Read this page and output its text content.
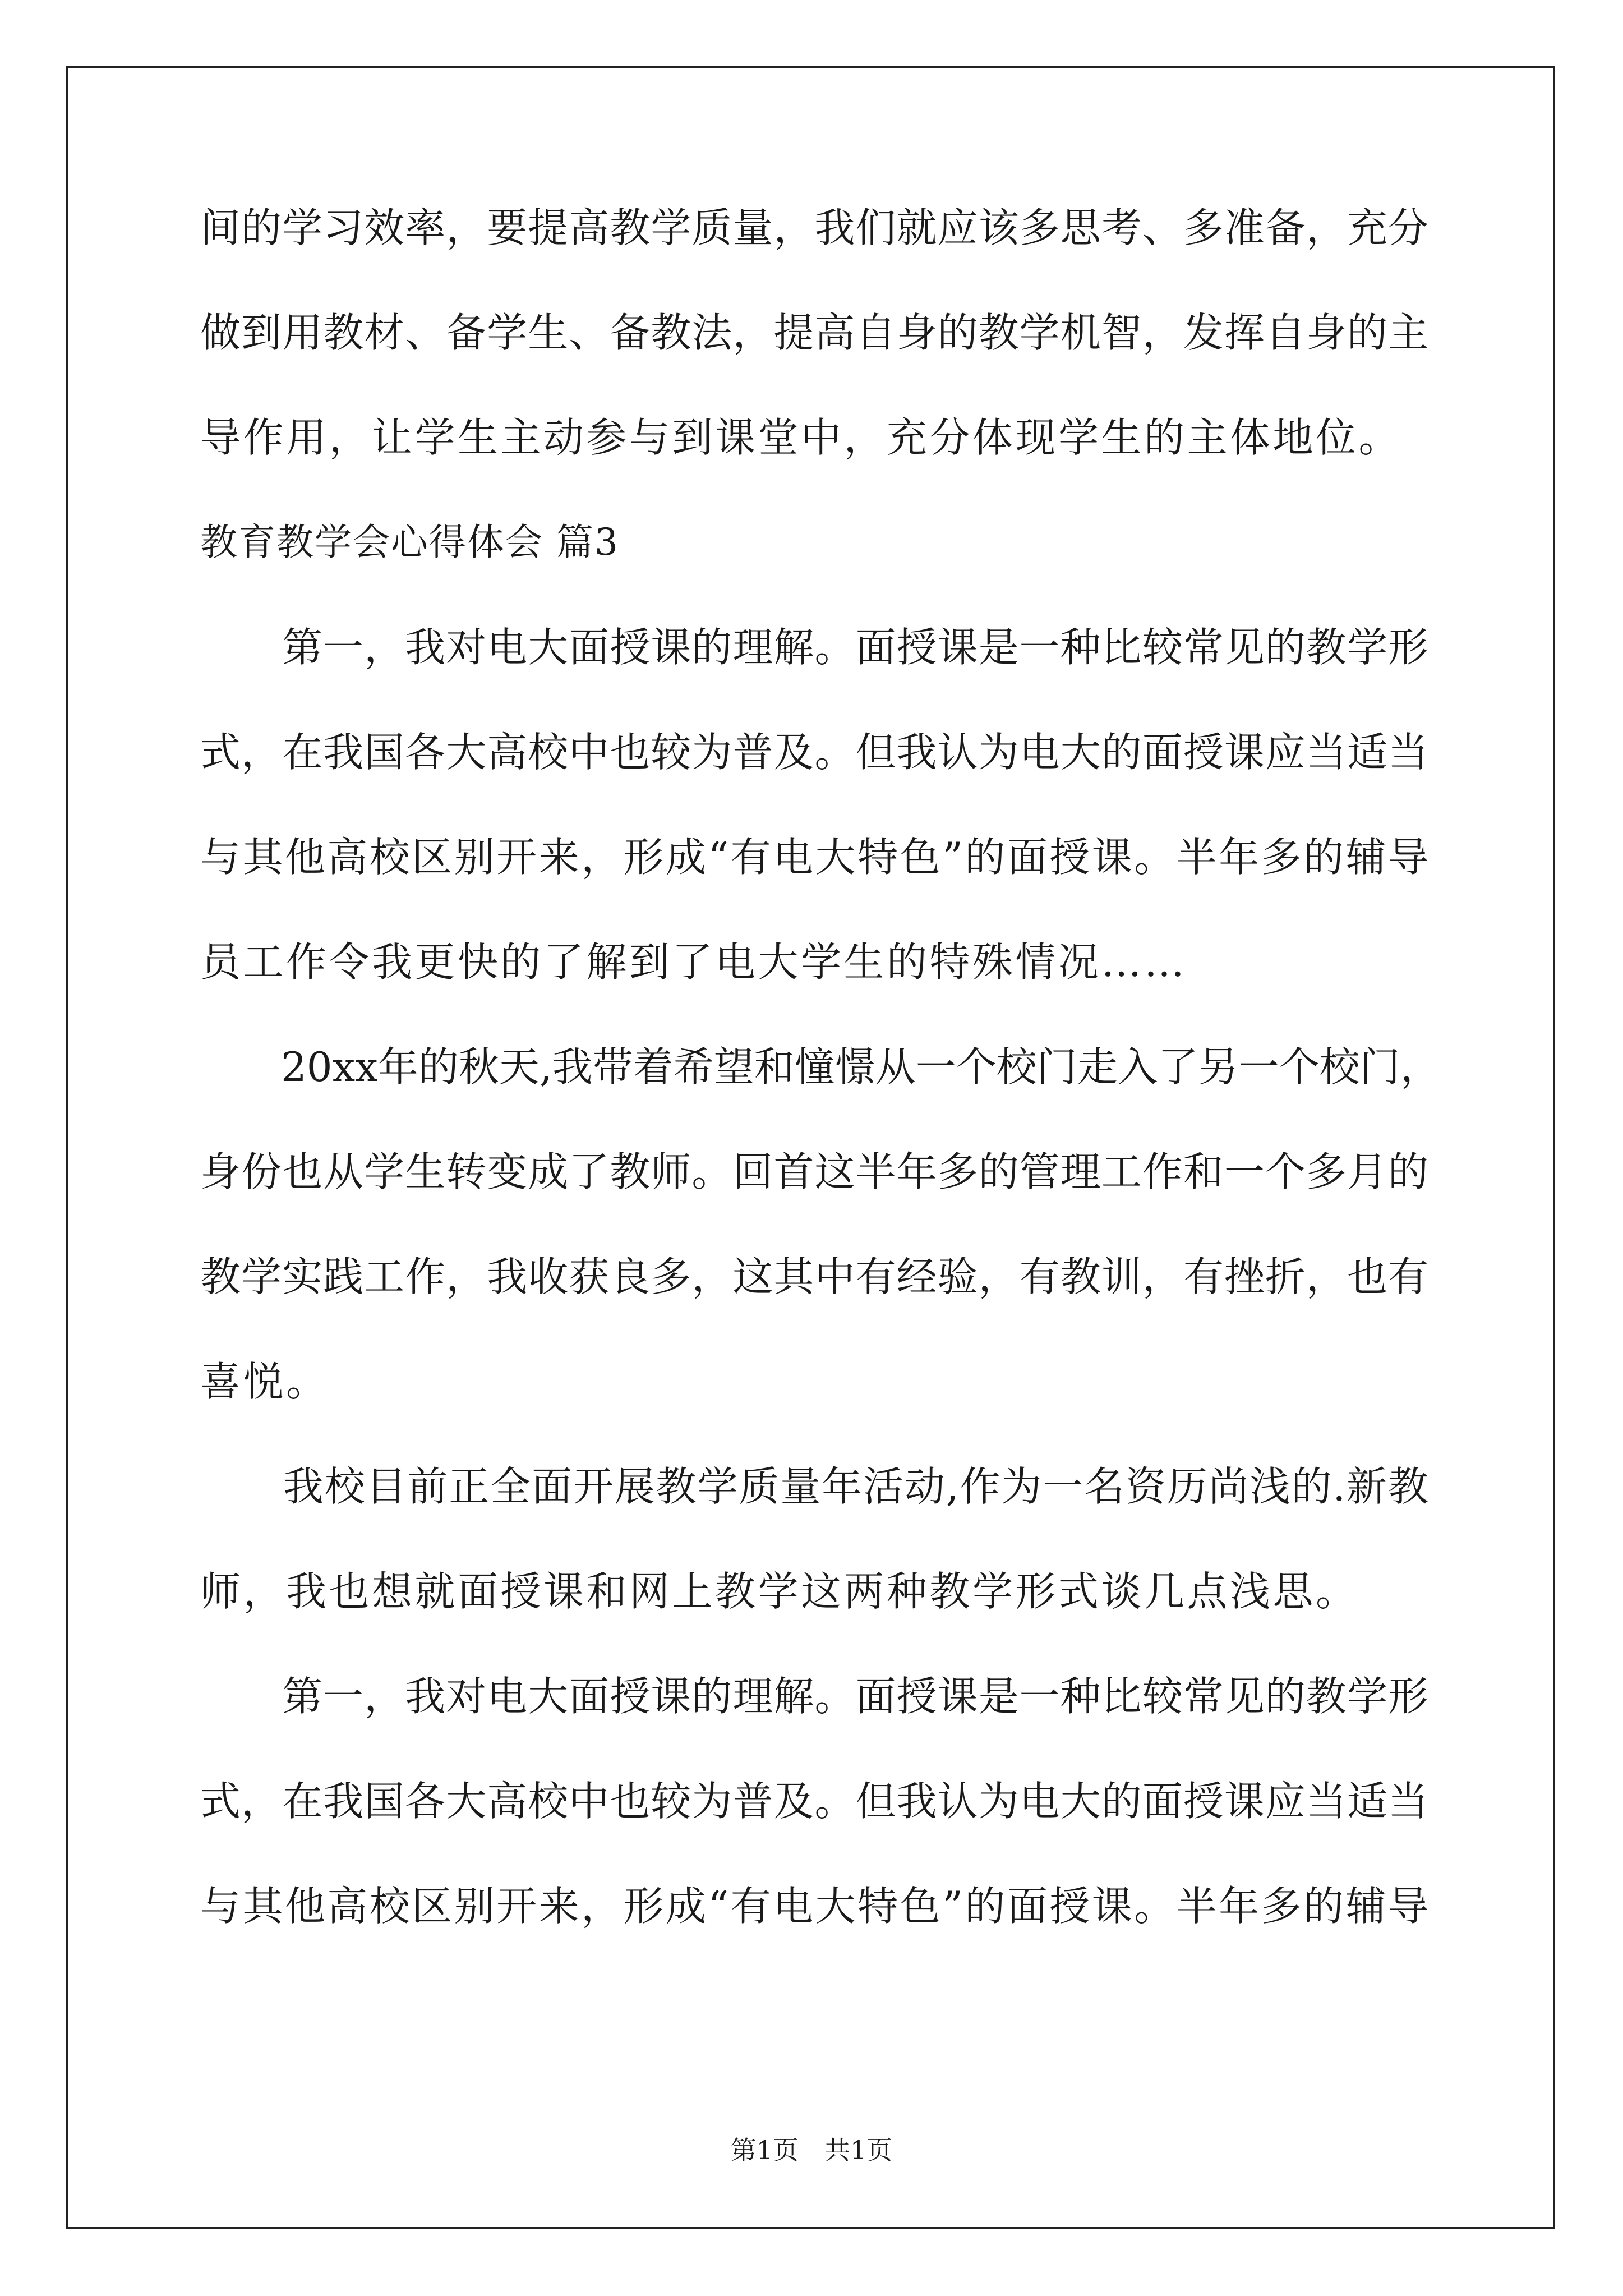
间的学习效率，要提高教学质量，我们就应该多思考、多准备，充分
做到用教材、备学生、备教法，提高自身的教学机智，发挥自身的主
导作用，让学生主动参与到课堂中，充分体现学生的主体地位。
教育教学会心得体会 篇3
　　第一，我对电大面授课的理解。面授课是一种比较常见的教学形
式，在我国各大高校中也较为普及。但我认为电大的面授课应当适当
与其他高校区别开来，形成“有电大特色”的面授课。半年多的辅导
员工作令我更快的了解到了电大学生的特殊情况……
　　20xx年的秋天,我带着希望和憧憬从一个校门走入了另一个校门，
身份也从学生转变成了教师。回首这半年多的管理工作和一个多月的
教学实践工作，我收获良多，这其中有经验，有教训，有挫折，也有
喜悦。
　　我校目前正全面开展教学质量年活动,作为一名资历尚浅的.新教
师，我也想就面授课和网上教学这两种教学形式谈几点浅思。
　　第一，我对电大面授课的理解。面授课是一种比较常见的教学形
式，在我国各大高校中也较为普及。但我认为电大的面授课应当适当
与其他高校区别开来，形成“有电大特色”的面授课。半年多的辅导
第1页　共1页
